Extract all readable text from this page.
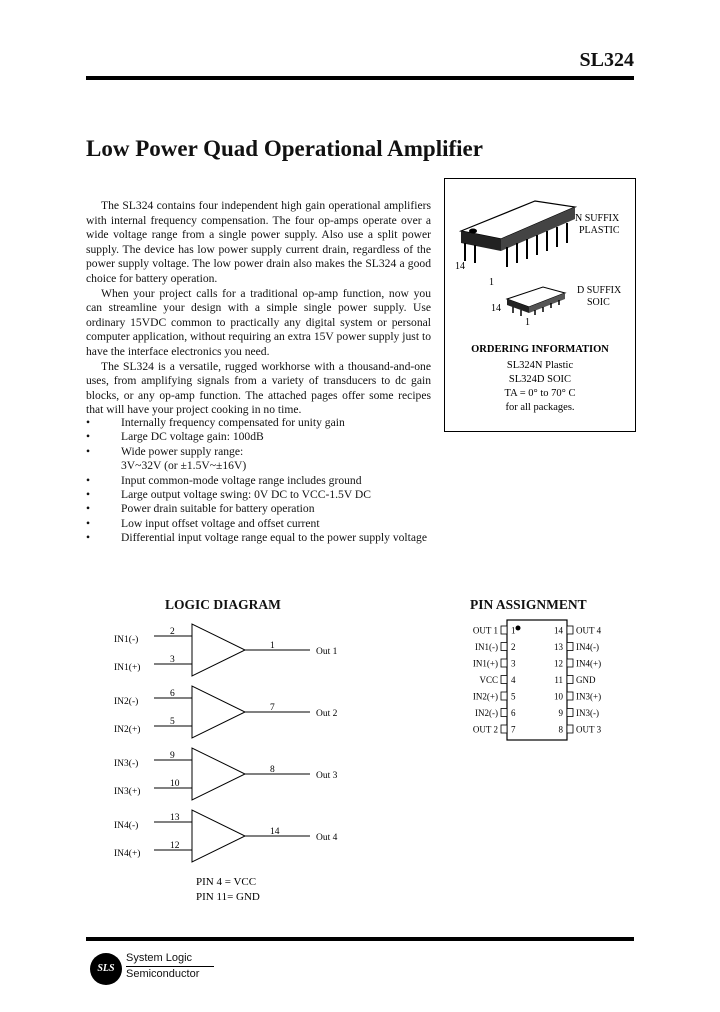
SL324
Low Power Quad Operational Amplifier

The SL324 contains four independent high gain operational amplifiers with internal frequency compensation. The four op-amps operate over a wide voltage range from a single power supply. Also use a split power supply. The device has low power supply current drain, regardless of the power supply voltage. The low power drain also makes the SL324 a good choice for battery operation.

When your project calls for a traditional op-amp function, now you can streamline your design with a simple single power supply. Use ordinary 15VDC common to practically any digital system or personal computer application, without requiring an extra 15V power supply just to have the interface electronics you need.

The SL324 is a versatile, rugged workhorse with a thousand-and-one uses, from amplifying signals from a variety of transducers to dc gain blocks, or any op-amp function. The attached pages offer some recipes that will have your project cooking in no time.

• Internally frequency compensated for unity gain
• Large DC voltage gain: 100dB
• Wide power supply range:
3V~32V (or ±1.5V~±16V)
• Input common-mode voltage range includes ground
• Large output voltage swing: 0V DC to VCC-1.5V DC
• Power drain suitable for battery operation
• Low input offset voltage and offset current
• Differential input voltage range equal to the power supply voltage
14
1
N SUFFIX
PLASTIC
14
1
D SUFFIX
SOIC
ORDERING INFORMATION
SL324N Plastic
SL324D SOIC
TA = 0° to 70° C
for all packages.
LOGIC DIAGRAM	PIN ASSIGNMENT
IN1(-)
IN1(+)
2
3
1
Out 1
IN2(-)
IN2(+)
6
5
7
Out 2
IN3(-)
IN3(+)
9
10
8
Out 3
IN4(-)
IN4(+)
13
12
14
Out 4
PIN 4 = VCC
PIN 11= GND
OUT 1 1	14 OUT 4
IN1(-) 2	13 IN4(-)
IN1(+) 3	12 IN4(+)
VCC 4	11 GND
IN2(+) 5	10 IN3(+)
IN2(-) 6	9 IN3(-)
OUT 2 7	8 OUT 3
SLS
System Logic
Semiconductor
